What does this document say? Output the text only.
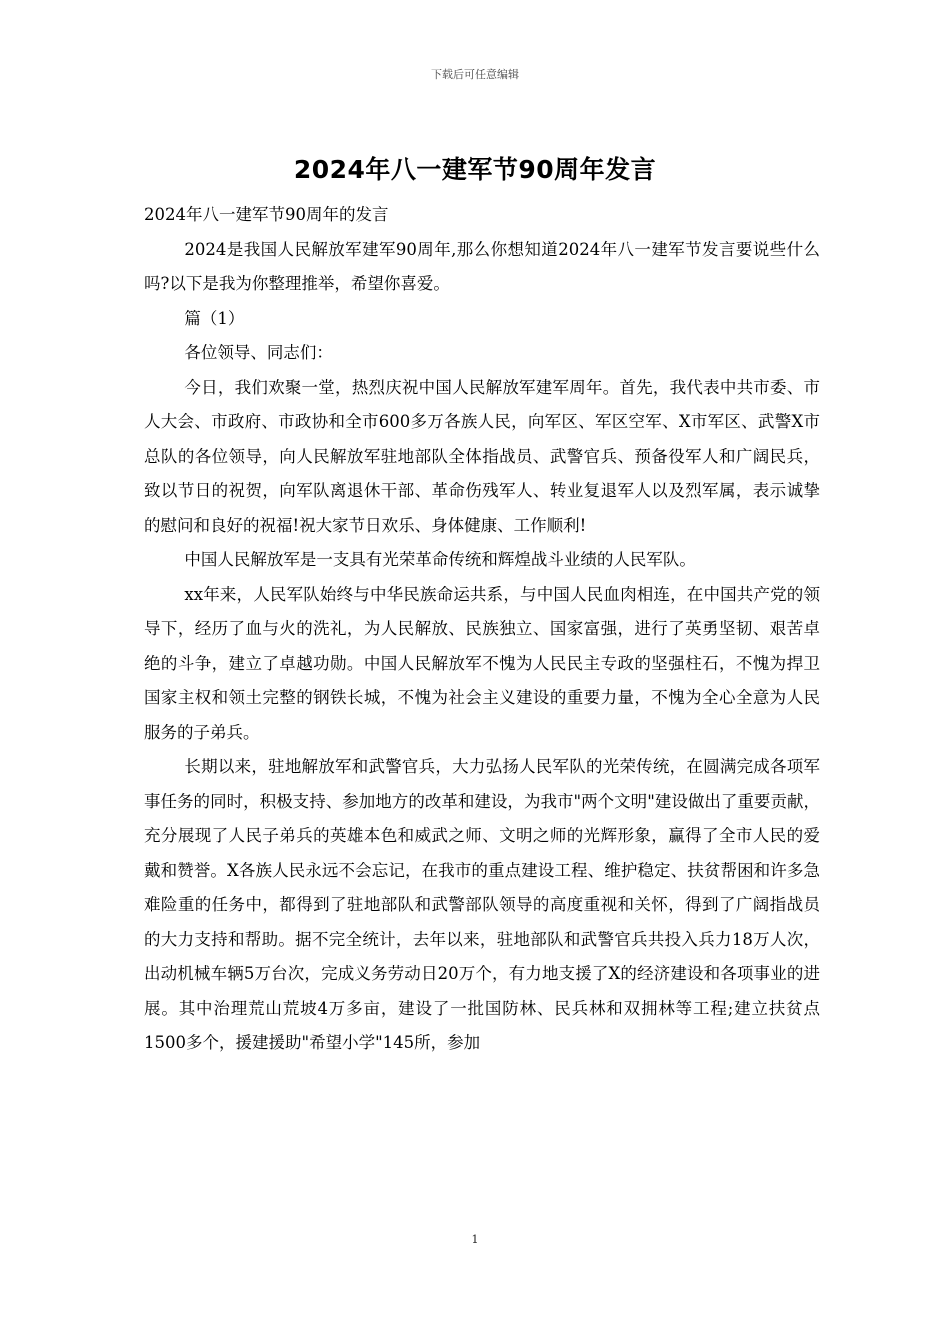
下载后可任意编辑
2024年八一建军节90周年发言

2024年八一建军节90周年的发言

2024是我国人民解放军建军90周年,那么你想知道2024年八一建军节发言要说些什么吗?以下是我为你整理推举，希望你喜爱。

篇（1）

各位领导、同志们：

今日，我们欢聚一堂，热烈庆祝中国人民解放军建军周年。首先，我代表中共市委、市人大会、市政府、市政协和全市600多万各族人民，向军区、军区空军、X市军区、武警X市总队的各位领导，向人民解放军驻地部队全体指战员、武警官兵、预备役军人和广阔民兵，致以节日的祝贺，向军队离退休干部、革命伤残军人、转业复退军人以及烈军属，表示诚挚的慰问和良好的祝福!祝大家节日欢乐、身体健康、工作顺利!

中国人民解放军是一支具有光荣革命传统和辉煌战斗业绩的人民军队。

xx年来，人民军队始终与中华民族命运共系，与中国人民血肉相连，在中国共产党的领导下，经历了血与火的洗礼，为人民解放、民族独立、国家富强，进行了英勇坚韧、艰苦卓绝的斗争，建立了卓越功勋。中国人民解放军不愧为人民民主专政的坚强柱石，不愧为捍卫国家主权和领土完整的钢铁长城，不愧为社会主义建设的重要力量，不愧为全心全意为人民服务的子弟兵。

长期以来，驻地解放军和武警官兵，大力弘扬人民军队的光荣传统，在圆满完成各项军事任务的同时，积极支持、参加地方的改革和建设，为我市"两个文明"建设做出了重要贡献，充分展现了人民子弟兵的英雄本色和威武之师、文明之师的光辉形象，赢得了全市人民的爱戴和赞誉。X各族人民永远不会忘记，在我市的重点建设工程、维护稳定、扶贫帮困和许多急难险重的任务中，都得到了驻地部队和武警部队领导的高度重视和关怀，得到了广阔指战员的大力支持和帮助。据不完全统计，去年以来，驻地部队和武警官兵共投入兵力18万人次，出动机械车辆5万台次，完成义务劳动日20万个，有力地支援了X的经济建设和各项事业的进展。其中治理荒山荒坡4万多亩，建设了一批国防林、民兵林和双拥林等工程;建立扶贫点1500多个，援建援助"希望小学"145所，参加

1
